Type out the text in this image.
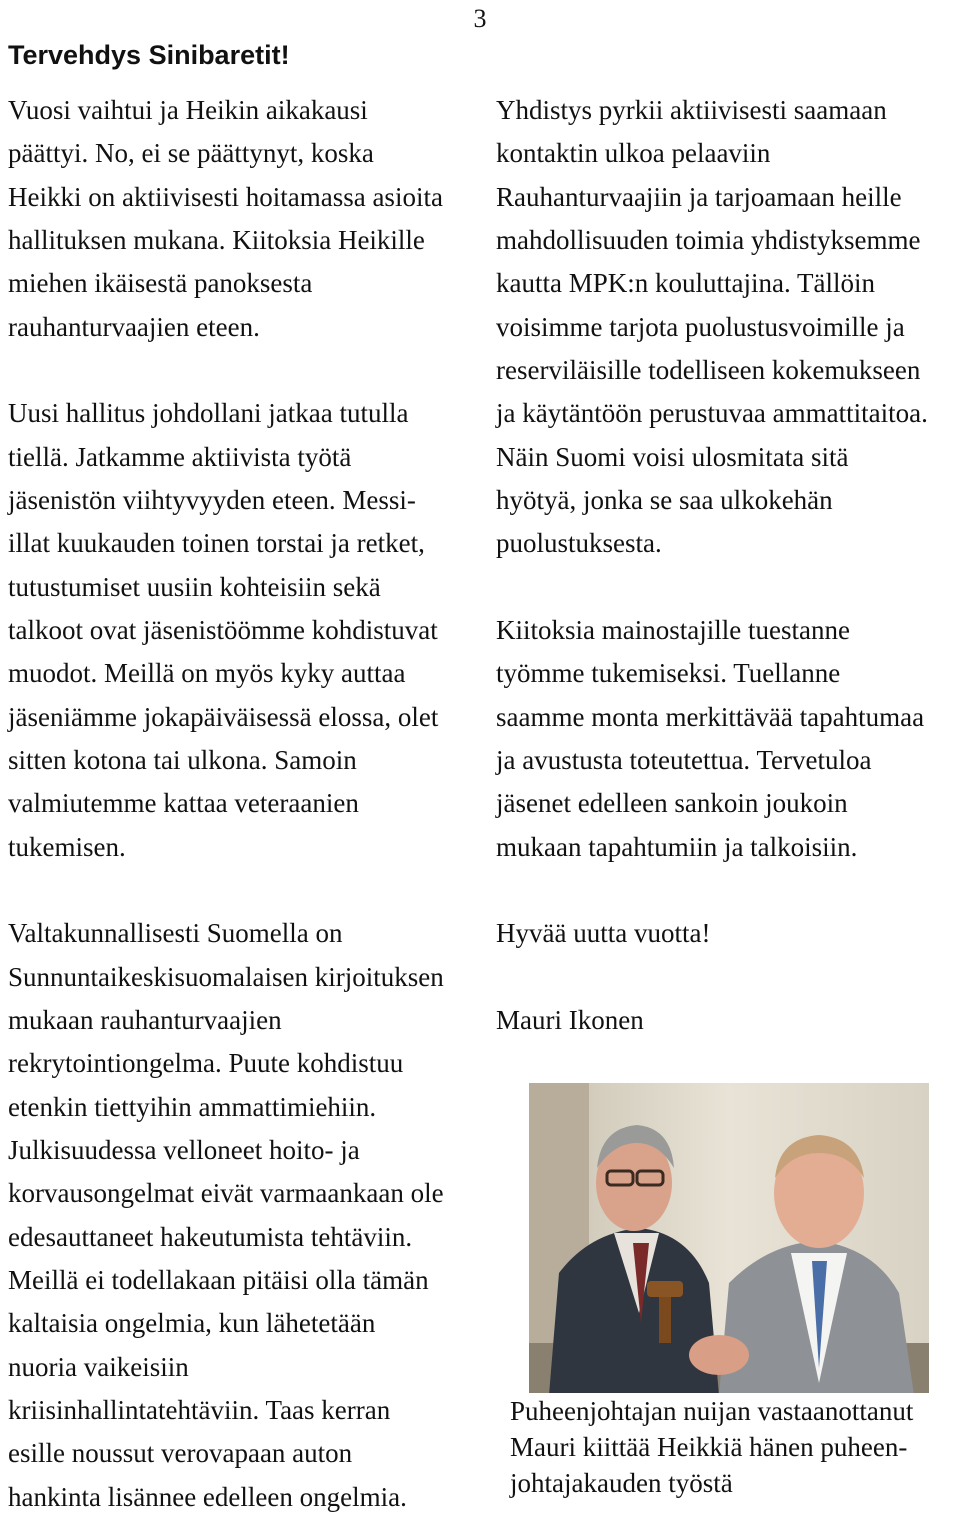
3
Tervehdys Sinibaretit!
Vuosi vaihtui ja Heikin aikakausi
päättyi. No, ei se päättynyt, koska
Heikki on aktiivisesti hoitamassa asioita
hallituksen mukana. Kiitoksia Heikille
miehen ikäisestä panoksesta
rauhanturvaajien eteen.
Uusi hallitus johdollani jatkaa tutulla
tiellä. Jatkamme aktiivista työtä
jäsenistön viihtyvyyden eteen. Messi-
illat kuukauden toinen torstai ja retket,
tutustumiset uusiin kohteisiin sekä
talkoot ovat jäsenistöömme kohdistuvat
muodot. Meillä on myös kyky auttaa
jäseniämme jokapäiväisessä elossa, olet
sitten kotona tai ulkona. Samoin
valmiutemme kattaa veteraanien
tukemisen.
Valtakunnallisesti Suomella on
Sunnuntaikeskisuomalaisen kirjoituksen
mukaan rauhanturvaajien
rekrytointiongelma. Puute kohdistuu
etenkin tiettyihin ammattimiehiin.
Julkisuudessa velloneet hoito- ja
korvausongelmat eivät varmaankaan ole
edesauttaneet hakeutumista tehtäviin.
Meillä ei todellakaan pitäisi olla tämän
kaltaisia ongelmia, kun lähetetään
nuoria vaikeisiin
kriisinhallintatehtäviin. Taas kerran
esille noussut verovapaan auton
hankinta lisännee edelleen ongelmia.
Yhdistys pyrkii aktiivisesti saamaan
kontaktin ulkoa pelaaviin
Rauhanturvaajiin ja tarjoamaan heille
mahdollisuuden toimia yhdistyksemme
kautta MPK:n kouluttajina. Tällöin
voisimme tarjota puolustusvoimille ja
reserviläisille todelliseen kokemukseen
ja käytäntöön perustuvaa ammattitaitoa.
Näin Suomi voisi ulosmitata sitä
hyötyä, jonka se saa ulkokehän
puolustuksesta.
Kiitoksia mainostajille tuestanne
työmme tukemiseksi. Tuellanne
saamme monta merkittävää tapahtumaa
ja avustusta toteutettua. Tervetuloa
jäsenet edelleen sankoin joukoin
mukaan tapahtumiin ja talkoisiin.
Hyvää uutta vuotta!
Mauri Ikonen
Puheenjohtajan nuijan vastaanottanut
Mauri kiittää Heikkiä hänen puheen-
johtajakauden työstä
